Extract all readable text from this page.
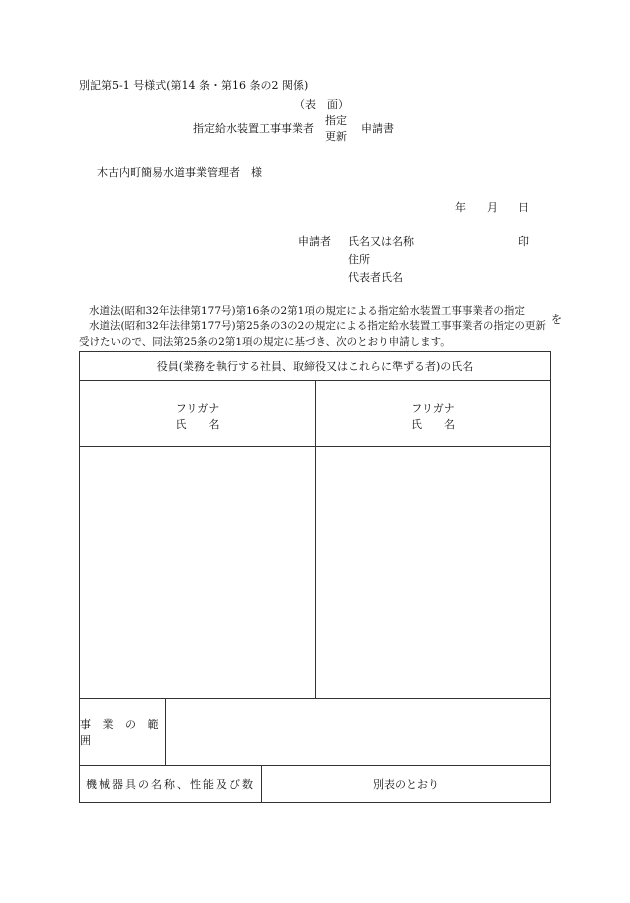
別記第5-1 号様式(第14 条・第16 条の2 関係)
（表　面）
指定給水装置工事事業者
指定
更新
申請書
木古内町簡易水道事業管理者　様
年 月 日
申請者 氏名又は名称	印
住所
代表者氏名
水道法(昭和32年法律第177号)第16条の2第1項の規定による指定給水装置工事事業者の指定
水道法(昭和32年法律第177号)第25条の3の2の規定による指定給水装置工事事業者の指定の更新 を
受けたいので、同法第25条の2第1項の規定に基づき、次のとおり申請します。
役員(業務を執行する社員、取締役又はこれらに準ずる者)の氏名
フリガナ
氏　　名
フリガナ
氏　　名
事 業 の 範 囲
機械器具の名称、性能及び数	別表のとおり
